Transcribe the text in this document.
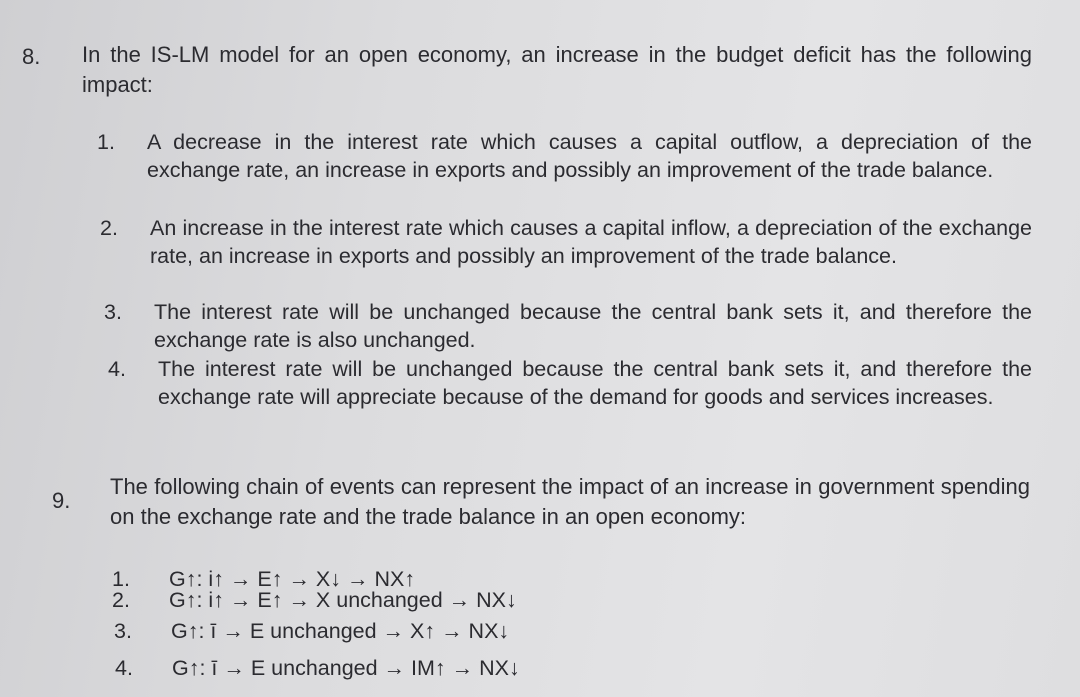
8. In the IS-LM model for an open economy, an increase in the budget deficit has the following impact:
1.	A decrease in the interest rate which causes a capital outflow, a depreciation of the exchange rate, an increase in exports and possibly an improvement of the trade balance.
2.	An increase in the interest rate which causes a capital inflow, a depreciation of the exchange rate, an increase in exports and possibly an improvement of the trade balance.
3.	The interest rate will be unchanged because the central bank sets it, and therefore the exchange rate is also unchanged.
4.	The interest rate will be unchanged because the central bank sets it, and therefore the exchange rate will appreciate because of the demand for goods and services increases.
9.
The following chain of events can represent the impact of an increase in government spending on the exchange rate and the trade balance in an open economy:
1.	G↑: i↑ → E↑ → X↓ → NX↑
2.	G↑: i↑ → E↑ → X unchanged → NX↓
3.	G↑: ī → E unchanged → X↑ → NX↓
4.	G↑: ī → E unchanged → IM↑ → NX↓
